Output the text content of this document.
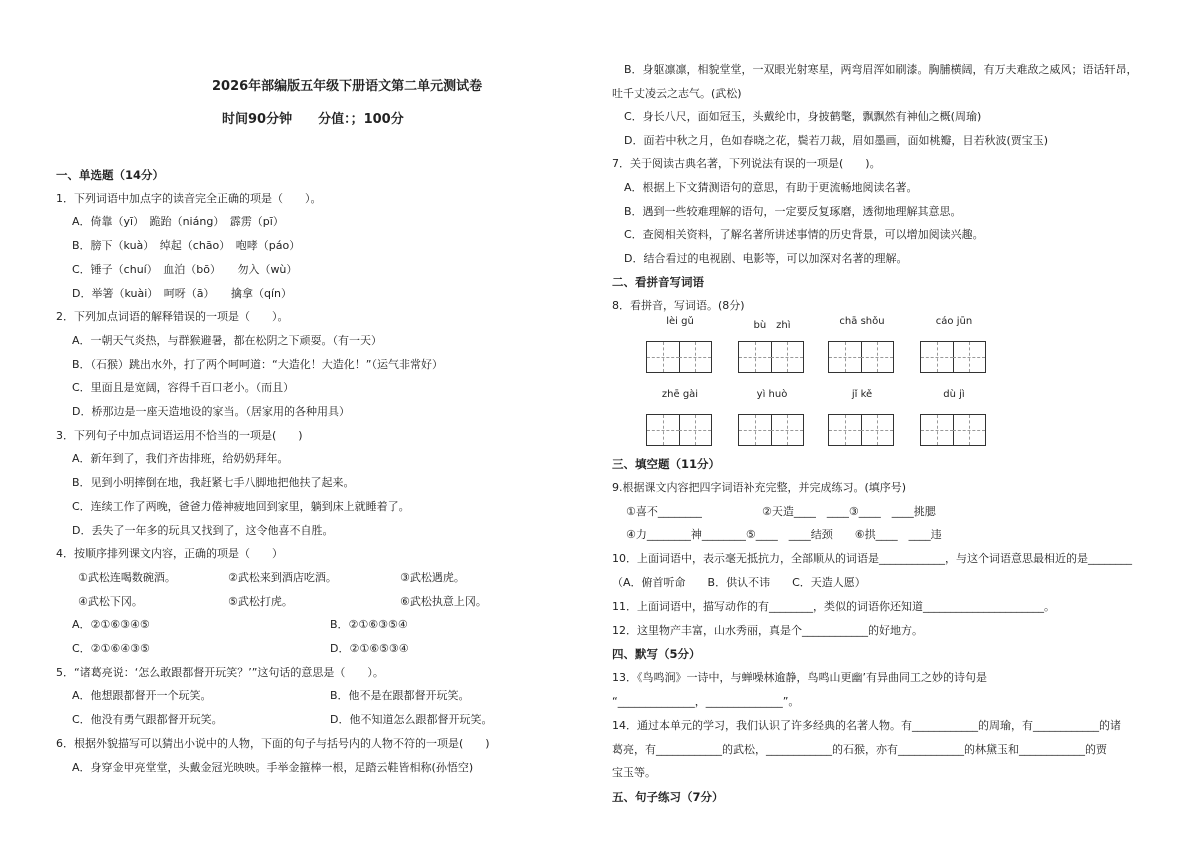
2026年部编版五年级下册语文第二单元测试卷
时间90分钟　　分值：；100分
一、单选题（14分）
1．下列词语中加点字的读音完全正确的项是（　　）。
A．倚靠（yī）　跪跆（niáng）　霹雳（pī）
B．膀下（kuà）　绰起（chāo）　咆哮（páo）
C．锤子（chuí）　血泊（bō）　　勿入（wù）
D．举箸（kuài）　呵呀（ā）　　擒拿（qín）
2．下列加点词语的解释错误的一项是（　　）。
A．一朝天气炎热，与群猴避暑，都在松阴之下顽耍。（有一天）
B．（石猴）跳出水外，打了两个呵呵道：“大造化！大造化！”（运气非常好）
C．里面且是宽阔，容得千百口老小。（而且）
D．桥那边是一座天造地设的家当。（居家用的各种用具）
3．下列句子中加点词语运用不恰当的一项是(　　)
A．新年到了，我们齐齿排班，给奶奶拜年。
B．见到小明摔倒在地，我赶紧七手八脚地把他扶了起来。
C．连续工作了两晚，爸爸力倦神疲地回到家里，躺到床上就睡着了。
D．丢失了一年多的玩具又找到了，这令他喜不自胜。
4．按顺序排列课文内容，正确的项是（　　）
①武松连喝数碗酒。	②武松来到酒店吃酒。	③武松遇虎。
④武松下冈。	⑤武松打虎。	⑥武松执意上冈。
A．②①⑥③④⑤	B．②①⑥③⑤④
C．②①⑥④③⑤	D．②①⑥⑤③④
5．“诸葛亮说：‘怎么敢跟都督开玩笑？’”这句话的意思是（　　）。
A．他想跟都督开一个玩笑。	B．他不是在跟都督开玩笑。
C．他没有勇气跟都督开玩笑。	D．他不知道怎么跟都督开玩笑。
6．根据外貌描写可以猜出小说中的人物，下面的句子与括号内的人物不符的一项是(　　)
A．身穿金甲亮堂堂，头戴金冠光映映。手举金箍棒一根，足踏云鞋皆相称(孙悟空)
B．身躯凛凛，相貌堂堂，一双眼光射寒星，两弯眉浑如刷漆。胸脯横阔，有万夫难敌之威风；语话轩昂，
吐千丈凌云之志气。(武松)
C．身长八尺，面如冠玉，头戴纶巾，身披鹤氅，飘飘然有神仙之概(周瑜)
D．面若中秋之月，色如春晓之花，鬓若刀裁，眉如墨画，面如桃瓣，目若秋波(贾宝玉)
7．关于阅读古典名著，下列说法有误的一项是(　　)。
A．根据上下文猜测语句的意思，有助于更流畅地阅读名著。
B．遇到一些较难理解的语句，一定要反复琢磨，透彻地理解其意思。
C．查阅相关资料，了解名著所讲述事情的历史背景，可以增加阅读兴趣。
D．结合看过的电视剧、电影等，可以加深对名著的理解。
二、看拼音写词语
8．看拼音，写词语。(8分)
lèi gǔ	bù　zhì	chā shǒu	cáo jūn
zhē gài	yì huò	jǐ kě	dù jì
三、填空题（11分）
9.根据课文内容把四字词语补充完整，并完成练习。(填序号)
①喜不________	②天造____　____③____　____挑腮
④力________神________⑤____　____结颈　　⑥拱____　____违
10．上面词语中，表示毫无抵抗力，全部顺从的词语是____________，与这个词语意思最相近的是________
（A．俯首听命　　B．供认不讳　　C．天造人愿）
11．上面词语中，描写动作的有________，类似的词语你还知道______________________。
12．这里物产丰富，山水秀丽，真是个____________的好地方。
四、默写（5分）
13．《鸟鸣涧》一诗中，与蝉噪林逾静，鸟鸣山更幽’有异曲同工之妙的诗句是
“______________，______________”。
14．通过本单元的学习，我们认识了许多经典的名著人物。有____________的周瑜，有____________的诸
葛亮，有____________的武松，____________的石猴，亦有____________的林黛玉和____________的贾
宝玉等。
五、句子练习（7分）
